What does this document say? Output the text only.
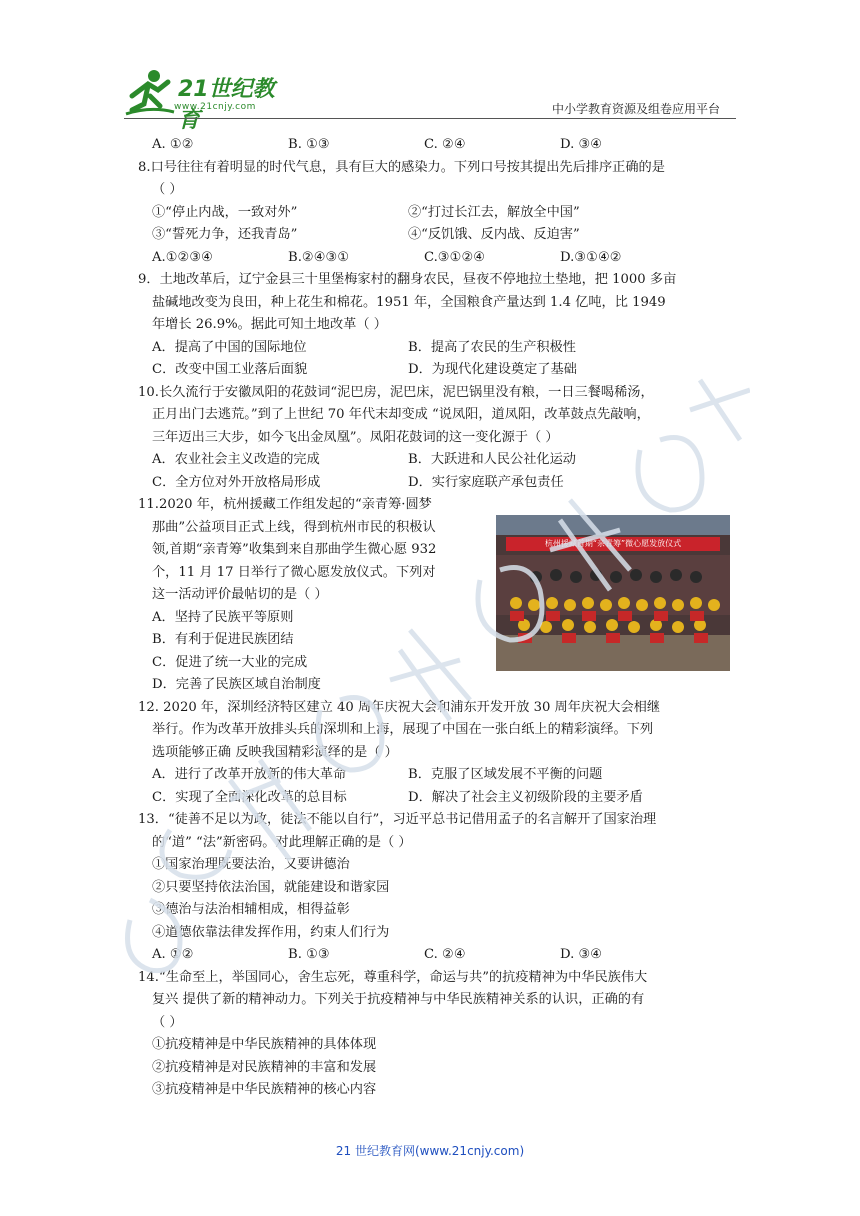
21世纪教育
www.21cnjy.com	中小学教育资源及组卷应用平台
A. ①②	B. ①③	C. ②④	D. ③④
8.口号往往有着明显的时代气息，具有巨大的感染力。下列口号按其提出先后排序正确的是
（ ）
①“停止内战，一致对外”	②“打过长江去，解放全中国”
③“誓死力争，还我青岛”	④“反饥饿、反内战、反迫害”
A.①②③④	B.②④③①	C.③①②④	D.③①④②
9．土地改革后，辽宁金县三十里堡梅家村的翻身农民，昼夜不停地拉土垫地，把 1000 多亩
盐碱地改变为良田，种上花生和棉花。1951 年，全国粮食产量达到 1.4 亿吨，比 1949
年增长 26.9%。据此可知土地改革（ ）
A．提高了中国的国际地位	B．提高了农民的生产积极性
C．改变中国工业落后面貌	D．为现代化建设奠定了基础
10.长久流行于安徽凤阳的花鼓词“泥巴房，泥巴床，泥巴锅里没有粮，一日三餐喝稀汤，
正月出门去逃荒。”到了上世纪 70 年代末却变成 “说凤阳，道凤阳，改革鼓点先敲响，
三年迈出三大步，如今飞出金凤凰”。凤阳花鼓词的这一变化源于（ ）
A．农业社会主义改造的完成	B．大跃进和人民公社化运动
C．全方位对外开放格局形成	D．实行家庭联产承包责任
11.2020 年，杭州援藏工作组发起的“亲青筹·圆梦
那曲”公益项目正式上线，得到杭州市民的积极认
领,首期“亲青筹”收集到来自那曲学生微心愿 932
个，11 月 17 日举行了微心愿发放仪式。下列对
这一活动评价最帖切的是（ ）
A．坚持了民族平等原则
B．有利于促进民族团结
C．促进了统一大业的完成
D．完善了民族区域自治制度
12. 2020 年，深圳经济特区建立 40 周年庆祝大会和浦东开发开放 30 周年庆祝大会相继
举行。作为改革开放排头兵的深圳和上海，展现了中国在一张白纸上的精彩演绎。下列
选项能够正确 反映我国精彩演绎的是（ ）
A．进行了改革开放新的伟大革命	B．克服了区域发展不平衡的问题
C．实现了全面深化改革的总目标	D．解决了社会主义初级阶段的主要矛盾
13．“徒善不足以为政，徒法不能以自行”，习近平总书记借用孟子的名言解开了国家治理
的“道” “法”新密码。对此理解正确的是（ ）
①国家治理既要法治，又要讲德治
②只要坚持依法治国，就能建设和谐家园
③德治与法治相辅相成，相得益彰
④道德依靠法律发挥作用，约束人们行为
A. ①②	B. ①③	C. ②④	D. ③④
14.“生命至上，举国同心，舍生忘死，尊重科学，命运与共”的抗疫精神为中华民族伟大
复兴 提供了新的精神动力。下列关于抗疫精神与中华民族精神关系的认识，正确的有
（ ）
①抗疫精神是中华民族精神的具体体现
②抗疫精神是对民族精神的丰富和发展
③抗疫精神是中华民族精神的核心内容
杭州援藏首期“亲青筹”微心愿发放仪式
21 世纪教育网(www.21cnjy.com)
